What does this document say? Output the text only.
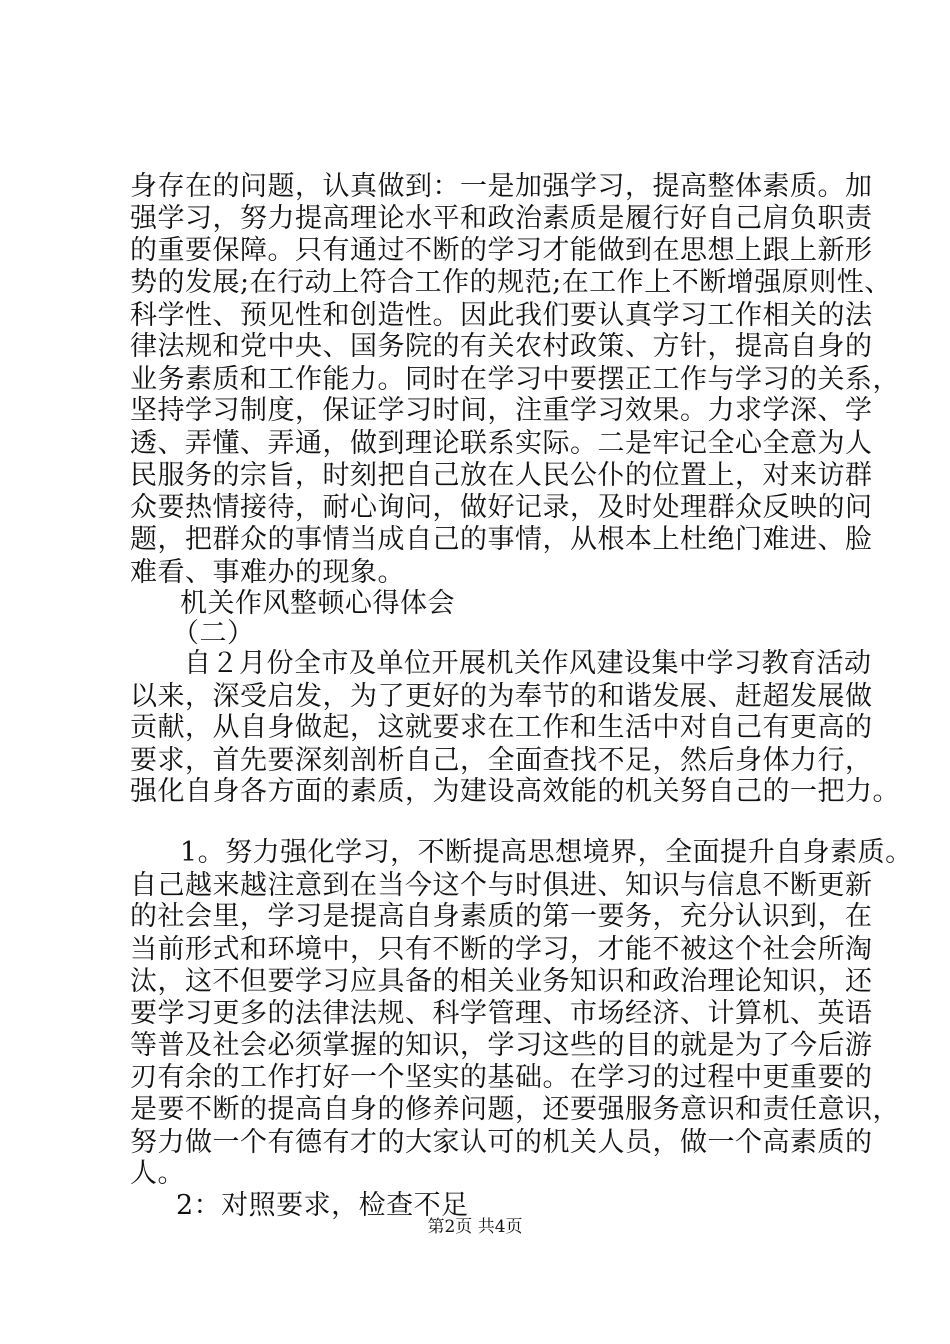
身存在的问题，认真做到：一是加强学习，提高整体素质。加
强学习，努力提高理论水平和政治素质是履行好自己肩负职责
的重要保障。只有通过不断的学习才能做到在思想上跟上新形
势的发展;在行动上符合工作的规范;在工作上不断增强原则性、
科学性、预见性和创造性。因此我们要认真学习工作相关的法
律法规和党中央、国务院的有关农村政策、方针，提高自身的
业务素质和工作能力。同时在学习中要摆正工作与学习的关系，
坚持学习制度，保证学习时间，注重学习效果。力求学深、学
透、弄懂、弄通，做到理论联系实际。二是牢记全心全意为人
民服务的宗旨，时刻把自己放在人民公仆的位置上，对来访群
众要热情接待，耐心询问，做好记录，及时处理群众反映的问
题，把群众的事情当成自己的事情，从根本上杜绝门难进、脸
难看、事难办的现象。
机关作风整顿心得体会
（二）
自２月份全市及单位开展机关作风建设集中学习教育活动
以来，深受启发，为了更好的为奉节的和谐发展、赶超发展做
贡献，从自身做起，这就要求在工作和生活中对自己有更高的
要求，首先要深刻剖析自己，全面查找不足，然后身体力行，
强化自身各方面的素质，为建设高效能的机关努自己的一把力。
1。努力强化学习，不断提高思想境界，全面提升自身素质。
自己越来越注意到在当今这个与时俱进、知识与信息不断更新
的社会里，学习是提高自身素质的第一要务，充分认识到，在
当前形式和环境中，只有不断的学习，才能不被这个社会所淘
汰，这不但要学习应具备的相关业务知识和政治理论知识，还
要学习更多的法律法规、科学管理、市场经济、计算机、英语
等普及社会必须掌握的知识，学习这些的目的就是为了今后游
刃有余的工作打好一个坚实的基础。在学习的过程中更重要的
是要不断的提高自身的修养问题，还要强服务意识和责任意识，
努力做一个有德有才的大家认可的机关人员，做一个高素质的
人。
2：对照要求，检查不足
第2页 共4页
